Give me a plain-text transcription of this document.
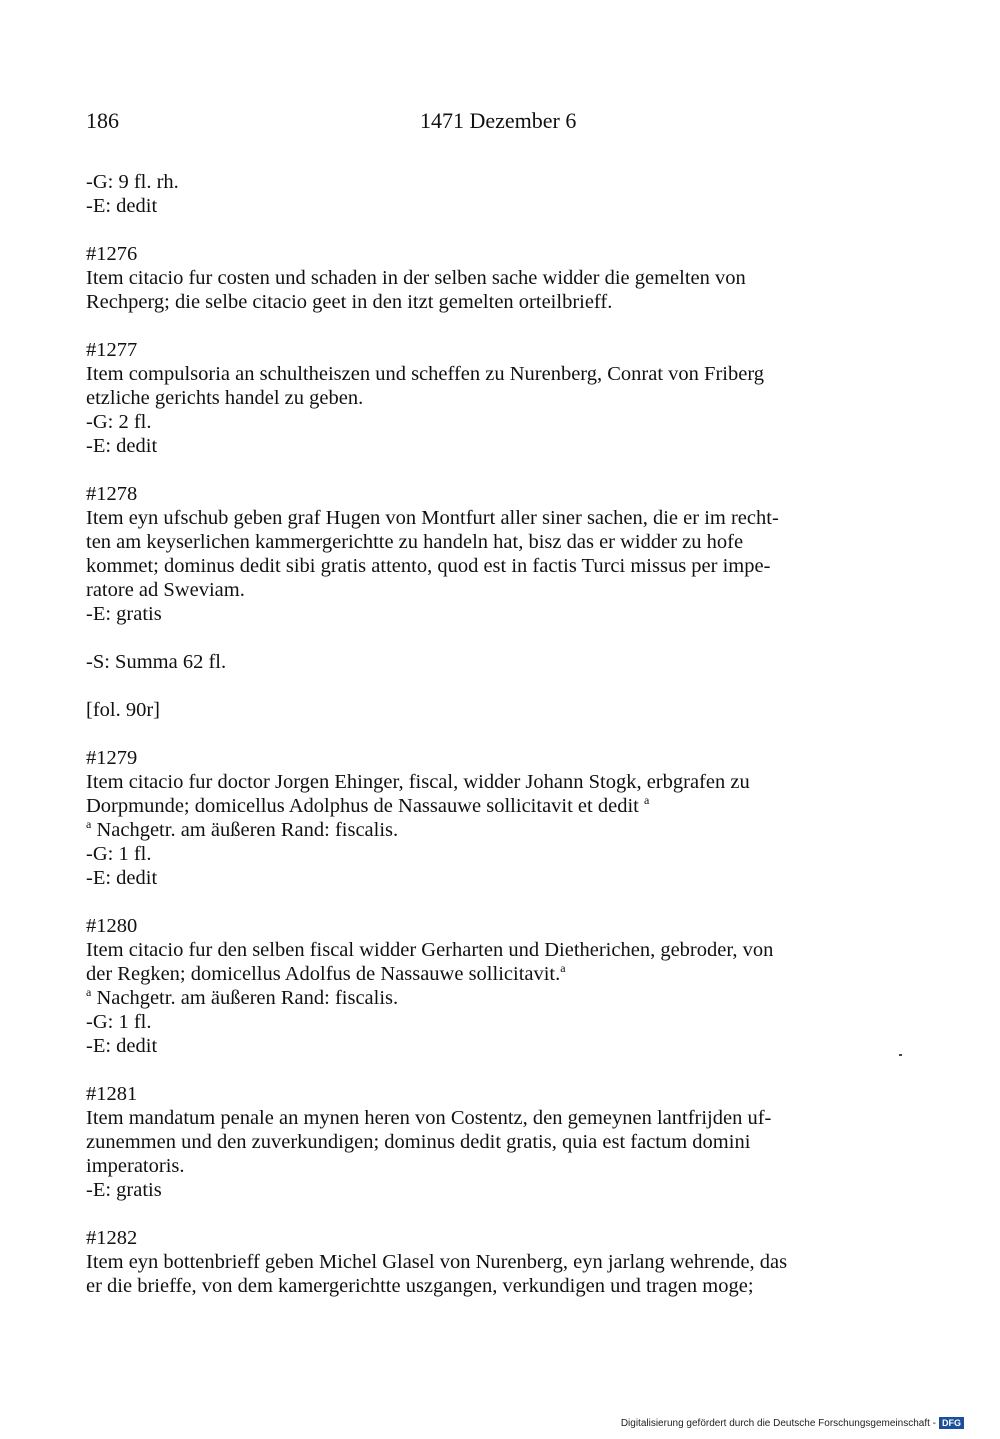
186	1471 Dezember 6
-G: 9 fl. rh.
-E: dedit
#1276
Item citacio fur costen und schaden in der selben sache widder die gemelten von
Rechperg; die selbe citacio geet in den itzt gemelten orteilbrieff.
#1277
Item compulsoria an schultheiszen und scheffen zu Nurenberg, Conrat von Friberg
etzliche gerichts handel zu geben.
-G: 2 fl.
-E: dedit
#1278
Item eyn ufschub geben graf Hugen von Montfurt aller siner sachen, die er im recht-
ten am keyserlichen kammergerichtte zu handeln hat, bisz das er widder zu hofe
kommet; dominus dedit sibi gratis attento, quod est in factis Turci missus per impe-
ratore ad Sweviam.
-E: gratis
-S: Summa 62 fl.
[fol. 90r]
#1279
Item citacio fur doctor Jorgen Ehinger, fiscal, widder Johann Stogk, erbgrafen zu
Dorpmunde; domicellus Adolphus de Nassauwe sollicitavit et dedit $^a$
$^a$ Nachgetr. am äußeren Rand: fiscalis.
-G: 1 fl.
-E: dedit
#1280
Item citacio fur den selben fiscal widder Gerharten und Dietherichen, gebroder, von
der Regken; domicellus Adolfus de Nassauwe sollicitavit.$^a$
$^a$ Nachgetr. am äußeren Rand: fiscalis.
-G: 1 fl.
-E: dedit
#1281
Item mandatum penale an mynen heren von Costentz, den gemeynen lantfrijden uf-
zunemmen und den zuverkundigen; dominus dedit gratis, quia est factum domini
imperatoris.
-E: gratis
#1282
Item eyn bottenbrieff geben Michel Glasel von Nurenberg, eyn jarlang wehrende, das
er die brieffe, von dem kamergerichtte uszgangen, verkundigen und tragen moge;
Digitalisierung gefördert durch die Deutsche Forschungsgemeinschaft - DFG
